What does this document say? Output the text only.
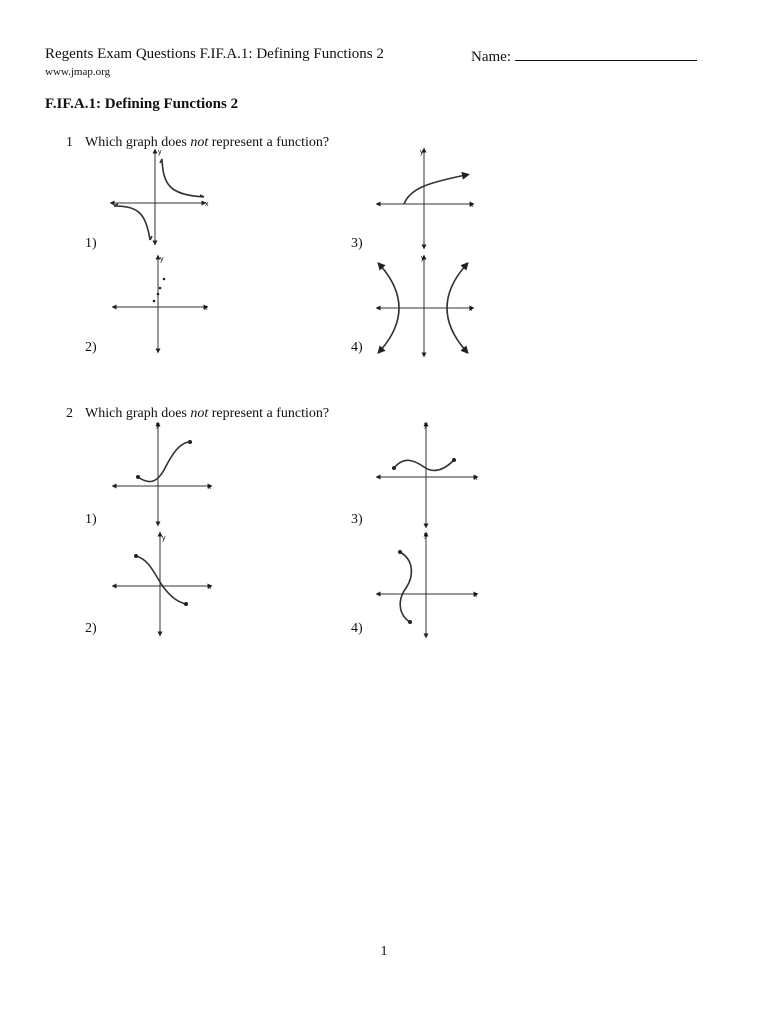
Regents Exam Questions F.IF.A.1: Defining Functions 2
www.jmap.org
Name:
F.IF.A.1: Defining Functions 2
1 Which graph does not represent a function?
1)
2)
3)
4)
x
y
x
y
x
y
x
y
2 Which graph does not represent a function?
1)
2)
3)
4)
x
y
x
y
x
y
x
y
1
